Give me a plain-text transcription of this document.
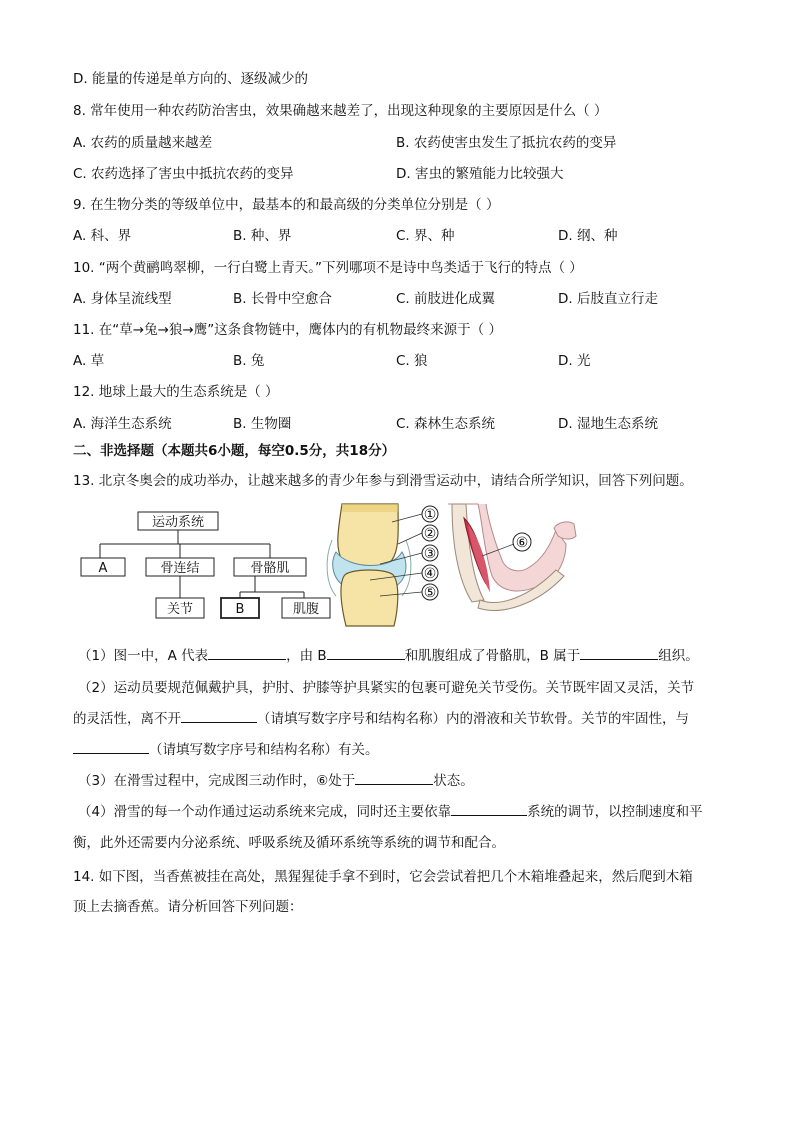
D. 能量的传递是单方向的、逐级减少的
8. 常年使用一种农药防治害虫，效果确越来越差了，出现这种现象的主要原因是什么（ ）
A. 农药的质量越来越差	B. 农药使害虫发生了抵抗农药的变异
C. 农药选择了害虫中抵抗农药的变异	D. 害虫的繁殖能力比较强大
9. 在生物分类的等级单位中，最基本的和最高级的分类单位分别是（ ）
A. 科、界	B. 种、界	C. 界、种	D. 纲、种
10. “两个黄鹂鸣翠柳，一行白鹭上青天。”下列哪项不是诗中鸟类适于飞行的特点（ ）
A. 身体呈流线型	B. 长骨中空愈合	C. 前肢进化成翼	D. 后肢直立行走
11. 在“草→兔→狼→鹰”这条食物链中，鹰体内的有机物最终来源于（ ）
A. 草	B. 兔	C. 狼	D. 光
12. 地球上最大的生态系统是（ ）
A. 海洋生态系统	B. 生物圈	C. 森林生态系统	D. 湿地生态系统
二、非选择题（本题共6小题，每空0.5分，共18分）
13. 北京冬奥会的成功举办，让越来越多的青少年参与到滑雪运动中，请结合所学知识，回答下列问题。
运动系统
A	骨连结	骨骼肌
关节	B	肌腹
①
②
③
④
⑤
⑥
（1）图一中，A 代表	，由 B	和肌腹组成了骨骼肌，B 属于	组织。
（2）运动员要规范佩戴护具，护肘、护膝等护具紧实的包裹可避免关节受伤。关节既牢固又灵活，关节
的灵活性，离不开	（请填写数字序号和结构名称）内的滑液和关节软骨。关节的牢固性，与
（请填写数字序号和结构名称）有关。
（3）在滑雪过程中，完成图三动作时，⑥处于	状态。
（4）滑雪的每一个动作通过运动系统来完成，同时还主要依靠	系统的调节，以控制速度和平
衡，此外还需要内分泌系统、呼吸系统及循环系统等系统的调节和配合。
14. 如下图，当香蕉被挂在高处，黑猩猩徒手拿不到时，它会尝试着把几个木箱堆叠起来，然后爬到木箱
顶上去摘香蕉。请分析回答下列问题：
